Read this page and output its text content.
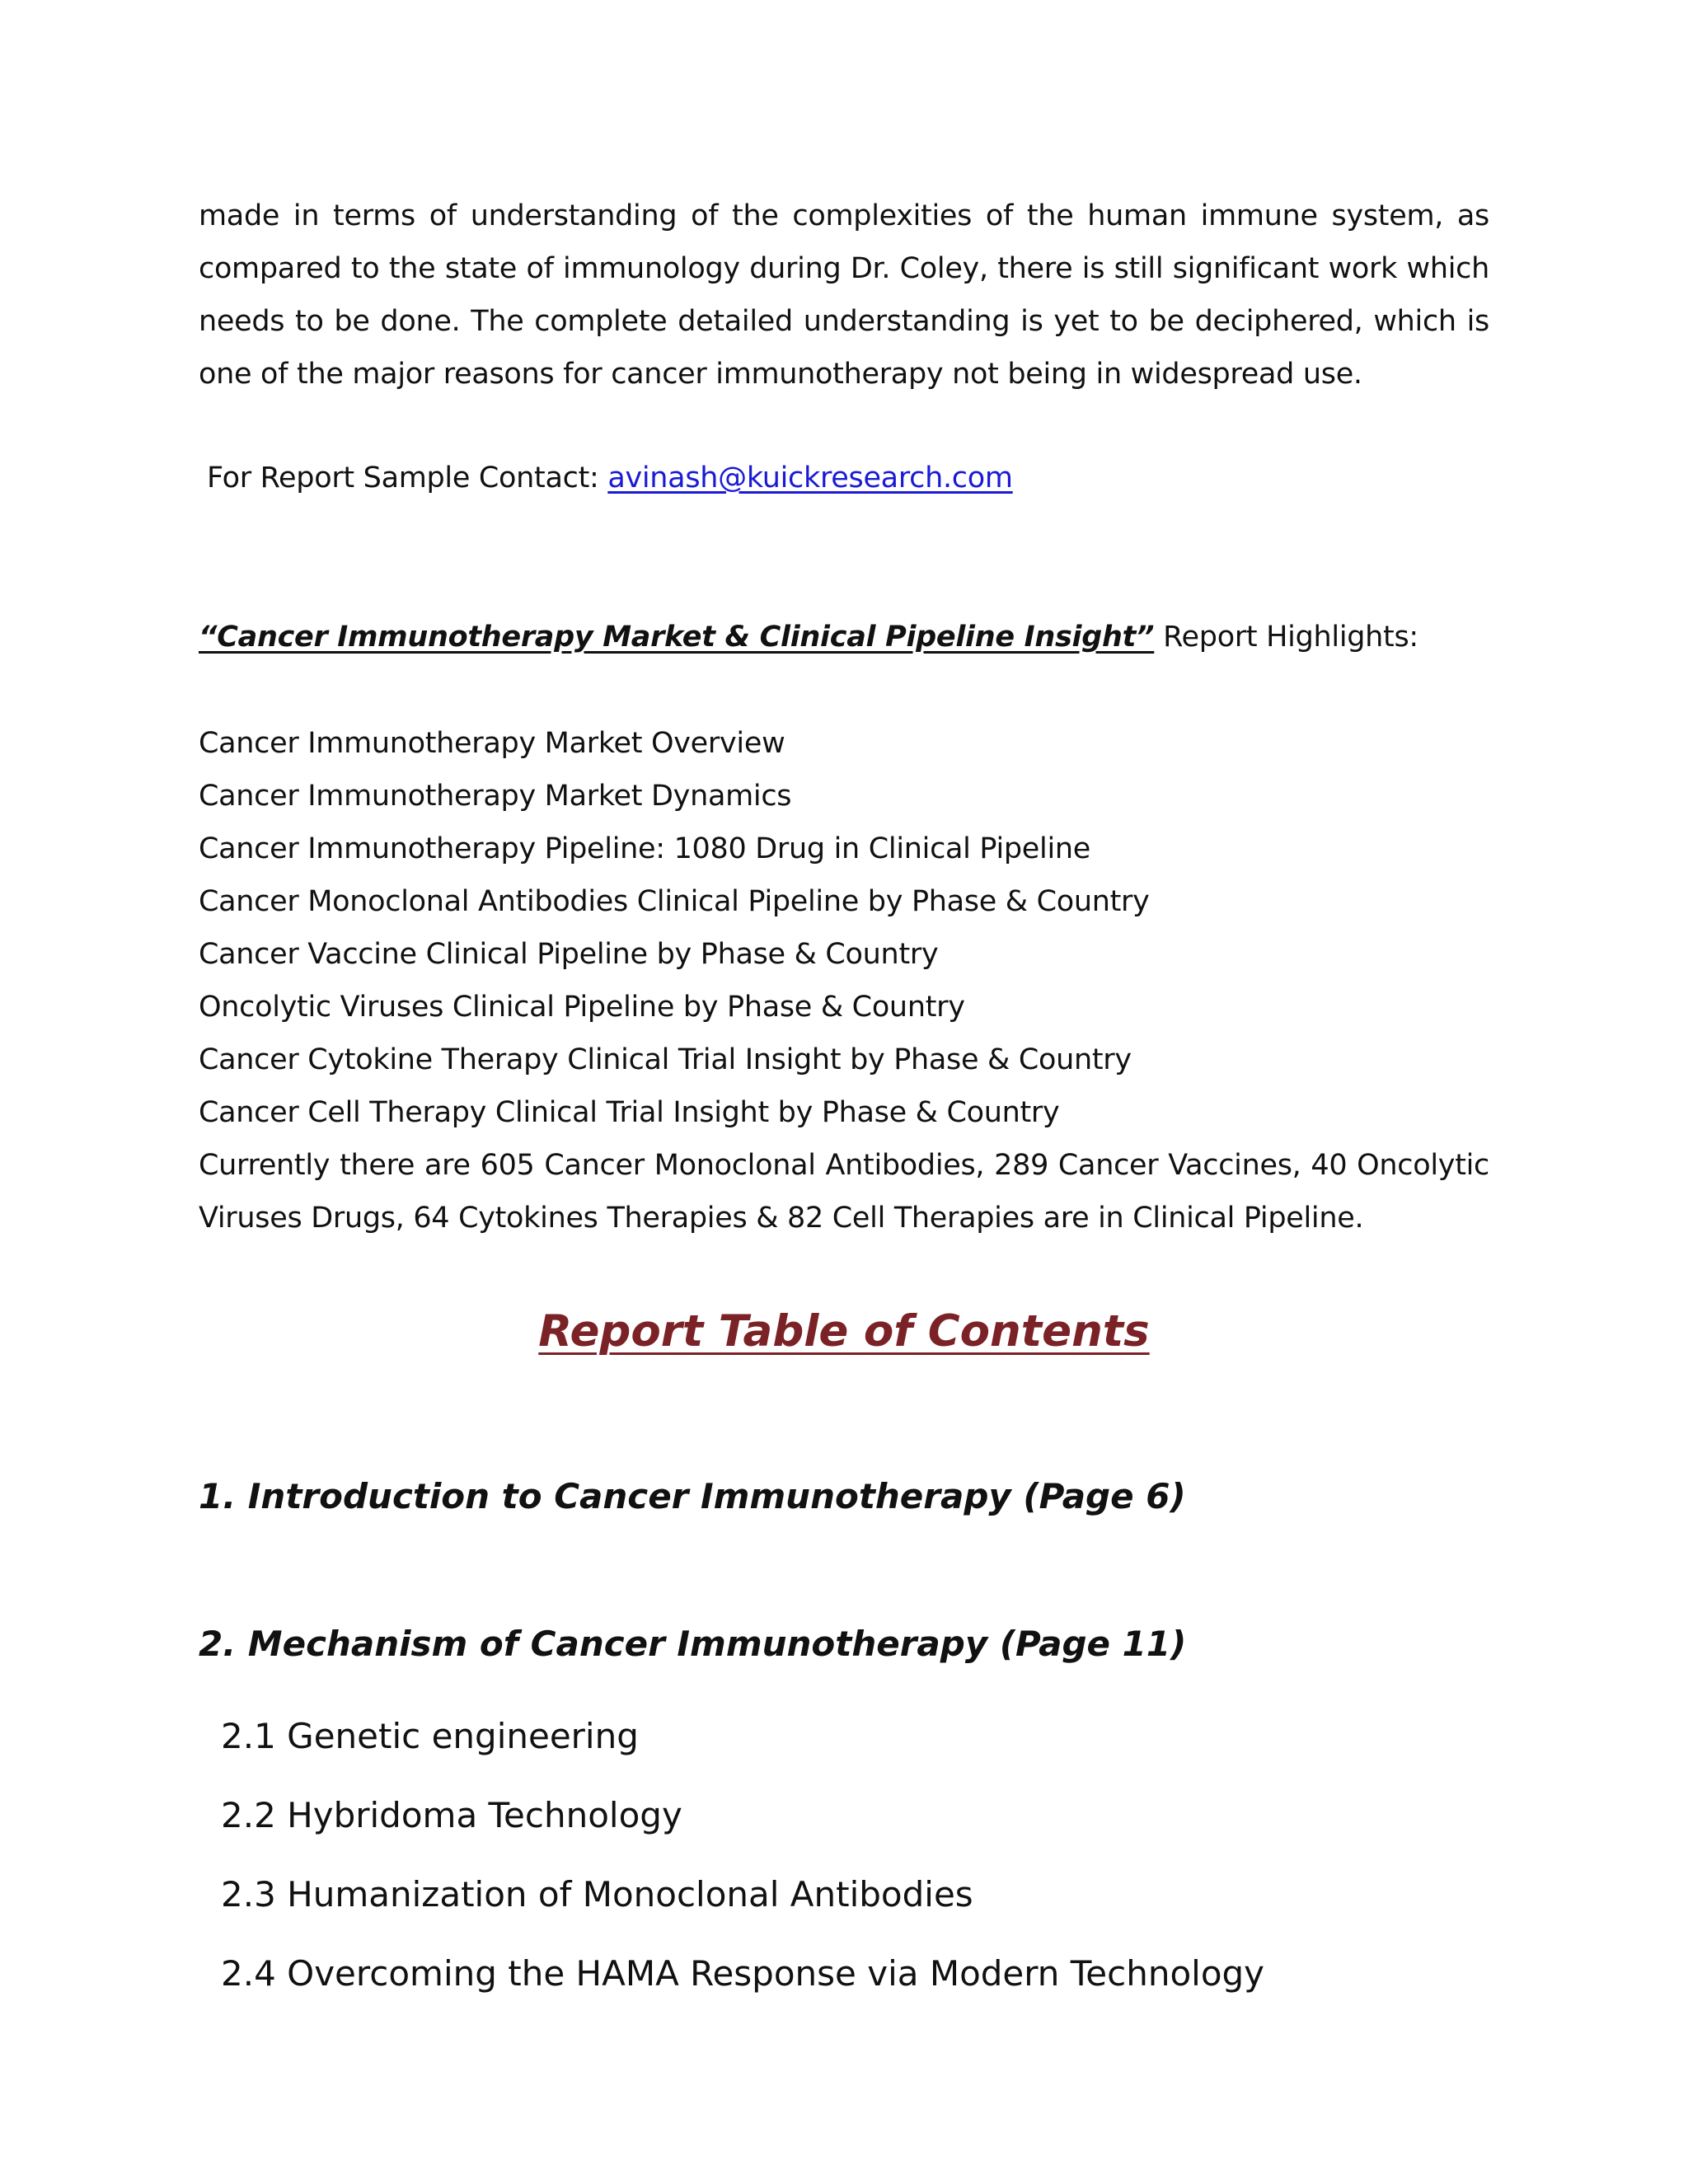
made in terms of understanding of the complexities of the human immune system, as compared to the state of immunology during Dr. Coley, there is still significant work which needs to be done. The complete detailed understanding is yet to be deciphered, which is one of the major reasons for cancer immunotherapy not being in widespread use.

For Report Sample Contact: avinash@kuickresearch.com
“Cancer Immunotherapy Market & Clinical Pipeline Insight” Report Highlights:
Cancer Immunotherapy Market Overview
Cancer Immunotherapy Market Dynamics
Cancer Immunotherapy Pipeline: 1080 Drug in Clinical Pipeline
Cancer Monoclonal Antibodies Clinical Pipeline by Phase & Country
Cancer Vaccine Clinical Pipeline by Phase & Country
Oncolytic Viruses Clinical Pipeline by Phase & Country
Cancer Cytokine Therapy Clinical Trial Insight by Phase & Country
Cancer Cell Therapy Clinical Trial Insight by Phase & Country

Currently there are 605 Cancer Monoclonal Antibodies, 289 Cancer Vaccines, 40 Oncolytic Viruses Drugs, 64 Cytokines Therapies & 82 Cell Therapies are in Clinical Pipeline.

Report Table of Contents
1. Introduction to Cancer Immunotherapy (Page 6)
2. Mechanism of Cancer Immunotherapy (Page 11)
2.1 Genetic engineering
2.2 Hybridoma Technology
2.3 Humanization of Monoclonal Antibodies
2.4 Overcoming the HAMA Response via Modern Technology
